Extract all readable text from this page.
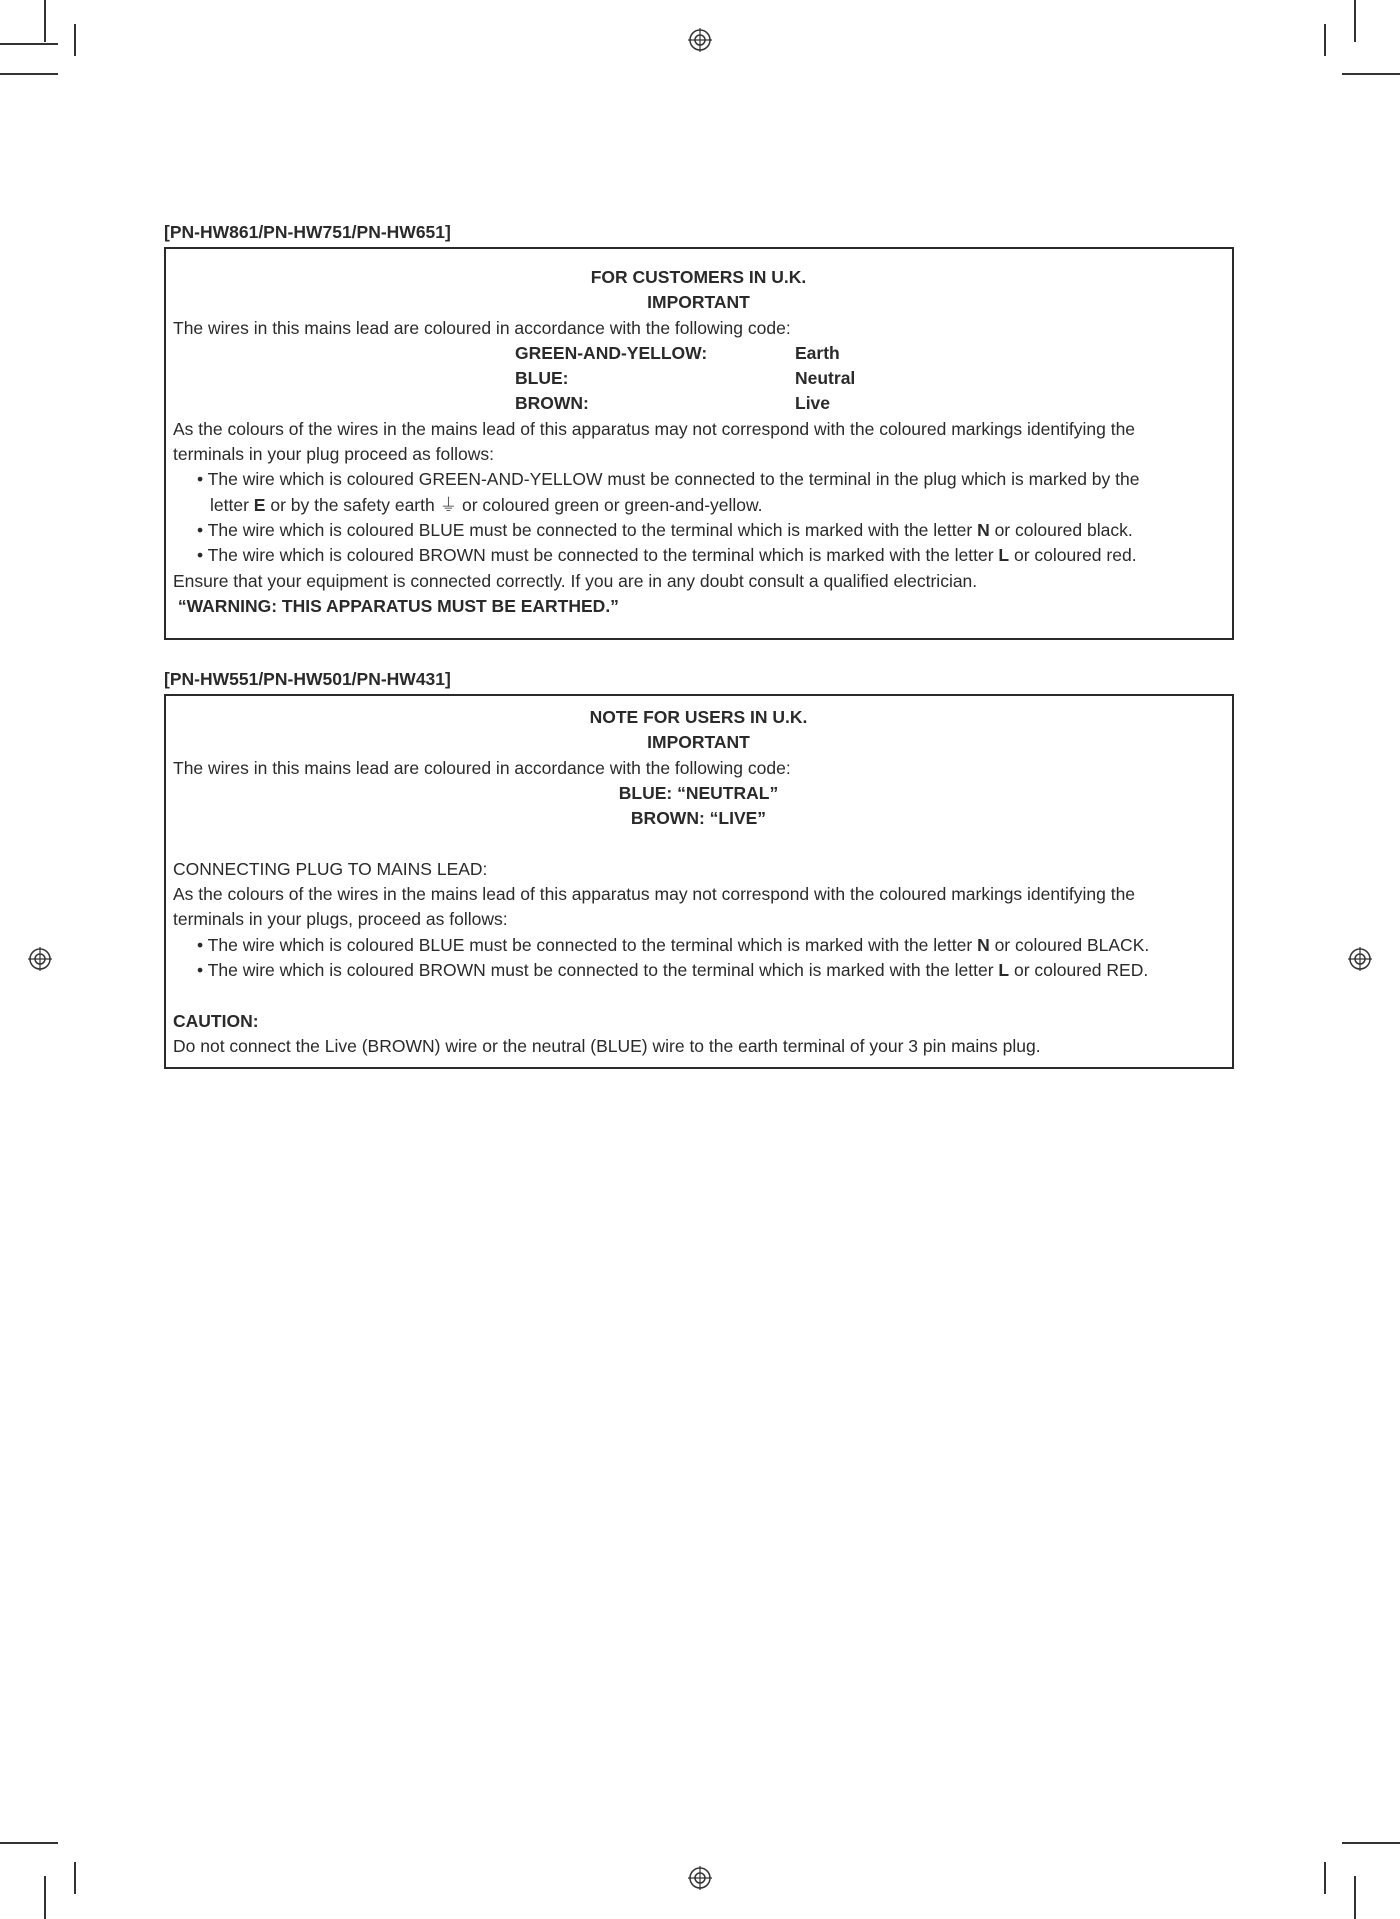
[PN-HW861/PN-HW751/PN-HW651]
FOR CUSTOMERS IN U.K.
IMPORTANT
The wires in this mains lead are coloured in accordance with the following code:
GREEN-AND-YELLOW:	Earth
BLUE:	Neutral
BROWN:	Live
As the colours of the wires in the mains lead of this apparatus may not correspond with the coloured markings identifying the
terminals in your plug proceed as follows:
• The wire which is coloured GREEN-AND-YELLOW must be connected to the terminal in the plug which is marked by the
letter E or by the safety earth ⏚ or coloured green or green-and-yellow.
• The wire which is coloured BLUE must be connected to the terminal which is marked with the letter N or coloured black.
• The wire which is coloured BROWN must be connected to the terminal which is marked with the letter L or coloured red.
Ensure that your equipment is connected correctly. If you are in any doubt consult a qualified electrician.
“WARNING: THIS APPARATUS MUST BE EARTHED.”
[PN-HW551/PN-HW501/PN-HW431]
NOTE FOR USERS IN U.K.
IMPORTANT
The wires in this mains lead are coloured in accordance with the following code:
BLUE: “NEUTRAL”
BROWN: “LIVE”
CONNECTING PLUG TO MAINS LEAD:
As the colours of the wires in the mains lead of this apparatus may not correspond with the coloured markings identifying the
terminals in your plugs, proceed as follows:
• The wire which is coloured BLUE must be connected to the terminal which is marked with the letter N or coloured BLACK.
• The wire which is coloured BROWN must be connected to the terminal which is marked with the letter L or coloured RED.
CAUTION:
Do not connect the Live (BROWN) wire or the neutral (BLUE) wire to the earth terminal of your 3 pin mains plug.
